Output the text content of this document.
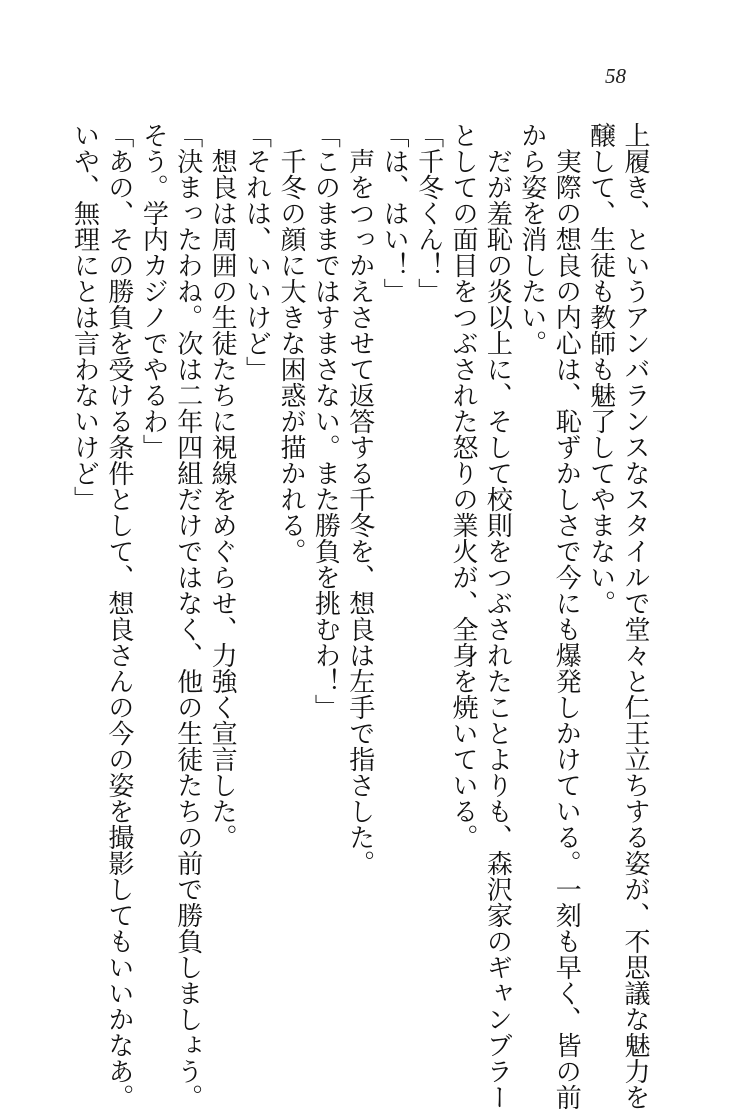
58
上履き、というアンバランスなスタイルで堂々と仁王立ちする姿が、不思議な魅力を
醸して、生徒も教師も魅了してやまない。
　実際の想良の内心は、恥ずかしさで今にも爆発しかけている。一刻も早く、皆の前
から姿を消したい。
　だが羞恥の炎以上に、そして校則をつぶされたことよりも、森沢家のギャンブラー
としての面目をつぶされた怒りの業火が、全身を焼いている。
「千冬くん！」
「は、はい！」
　声をつっかえさせて返答する千冬を、想良は左手で指さした。
「このままではすまさない。また勝負を挑むわ！」
　千冬の顔に大きな困惑が描かれる。
「それは、いいけど」
　想良は周囲の生徒たちに視線をめぐらせ、力強く宣言した。
「決まったわね。次は二年四組だけではなく、他の生徒たちの前で勝負しましょう。
そう。学内カジノでやるわ」
「あの、その勝負を受ける条件として、想良さんの今の姿を撮影してもいいかなあ。
いや、無理にとは言わないけど」
